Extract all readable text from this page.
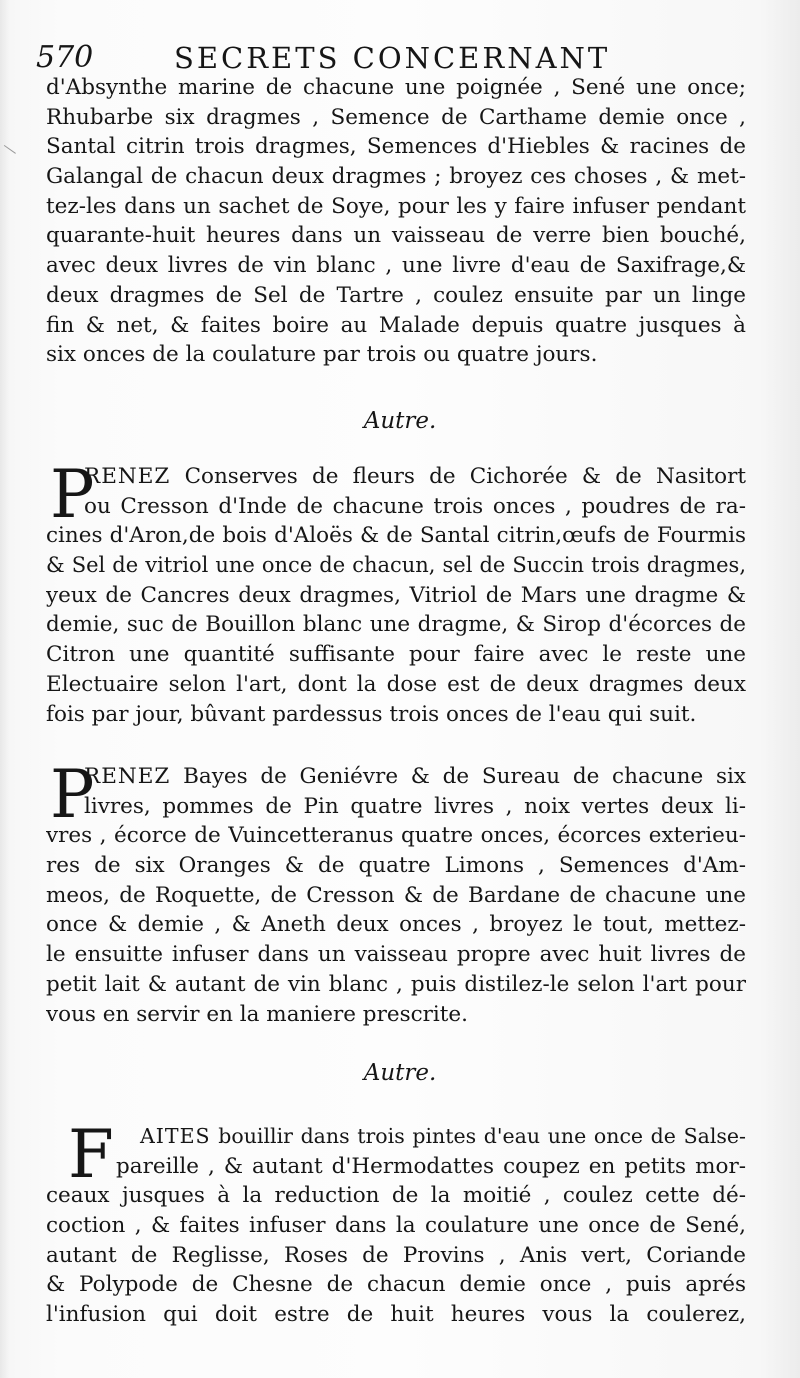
570	SECRETS CONCERNANT
d'Absynthe marine de chacune une poignée , Sené une once;
Rhubarbe six dragmes , Semence de Carthame demie once ,
Santal citrin trois dragmes, Semences d'Hiebles & racines de
Galangal de chacun deux dragmes ; broyez ces choses , & met-
tez-les dans un sachet de Soye, pour les y faire infuser pendant
quarante-huit heures dans un vaisseau de verre bien bouché,
avec deux livres de vin blanc , une livre d'eau de Saxifrage,&
deux dragmes de Sel de Tartre , coulez ensuite par un linge
fin & net, & faites boire au Malade depuis quatre jusques à
six onces de la coulature par trois ou quatre jours.
Autre.
P
RENEZ Conserves de fleurs de Cichorée & de Nasitort
ou Cresson d'Inde de chacune trois onces , poudres de ra-
cines d'Aron,de bois d'Aloës & de Santal citrin,œufs de Fourmis
& Sel de vitriol une once de chacun, sel de Succin trois dragmes,
yeux de Cancres deux dragmes, Vitriol de Mars une dragme &
demie, suc de Bouillon blanc une dragme, & Sirop d'écorces de
Citron une quantité suffisante pour faire avec le reste une
Electuaire selon l'art, dont la dose est de deux dragmes deux
fois par jour, bûvant pardessus trois onces de l'eau qui suit.
P
RENEZ Bayes de Geniévre & de Sureau de chacune six
livres, pommes de Pin quatre livres , noix vertes deux li-
vres , écorce de Vuincetteranus quatre onces, écorces exterieu-
res de six Oranges & de quatre Limons , Semences d'Am-
meos, de Roquette, de Cresson & de Bardane de chacune une
once & demie , & Aneth deux onces , broyez le tout, mettez-
le ensuitte infuser dans un vaisseau propre avec huit livres de
petit lait & autant de vin blanc , puis distilez-le selon l'art pour
vous en servir en la maniere prescrite.
Autre.
F	AITES bouillir dans trois pintes d'eau une once de Salse-
pareille , & autant d'Hermodattes coupez en petits mor-
ceaux jusques à la reduction de la moitié , coulez cette dé-
coction , & faites infuser dans la coulature une once de Sené,
autant de Reglisse, Roses de Provins , Anis vert, Coriande
& Polypode de Chesne de chacun demie once , puis aprés
l'infusion qui doit estre de huit heures vous la coulerez,
